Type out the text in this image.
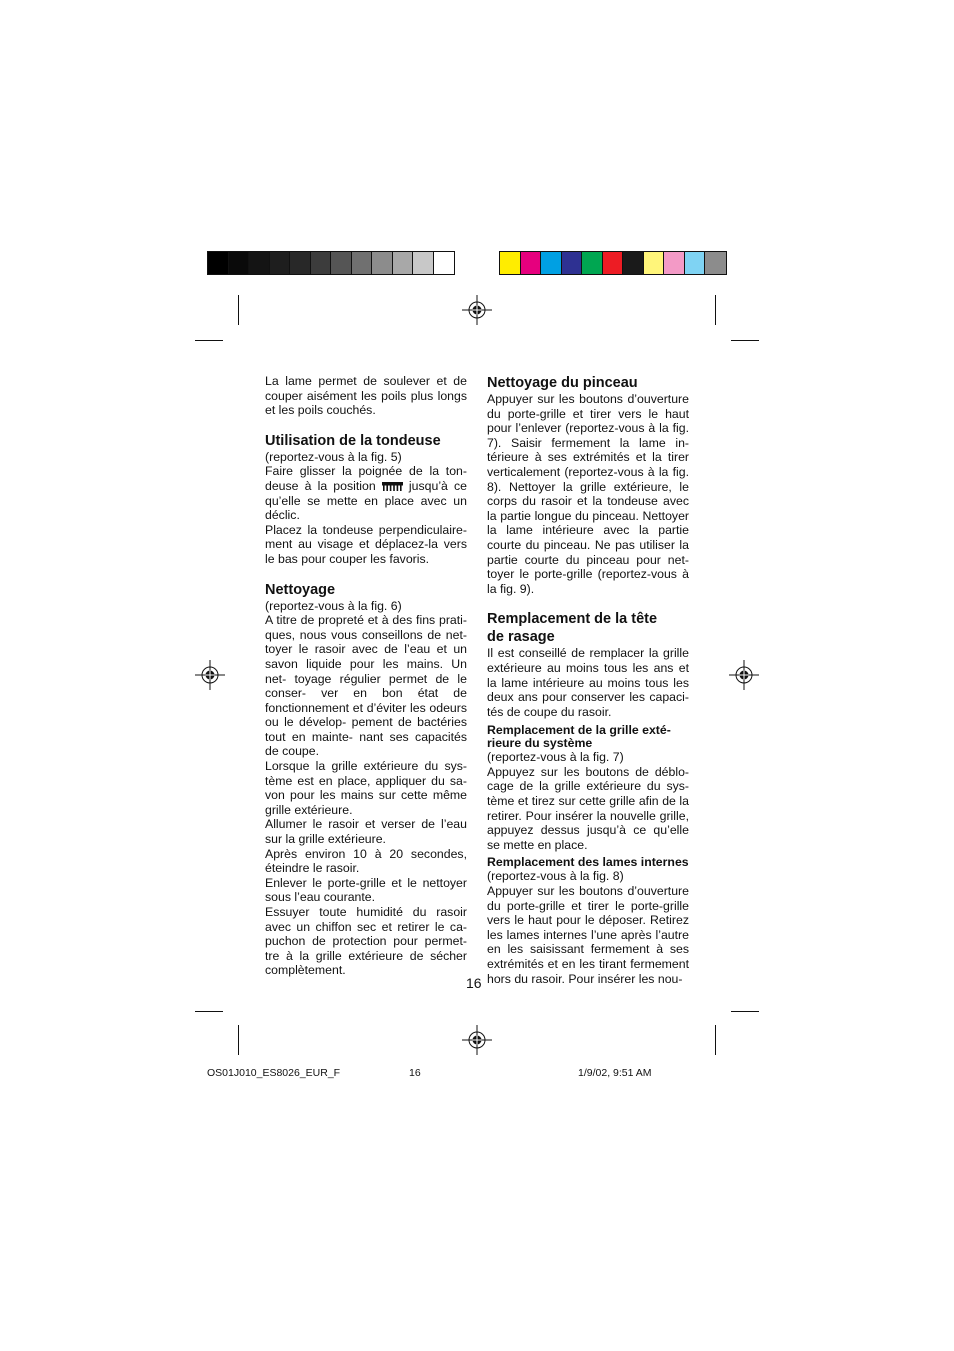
La lame permet de soulever et de couper aisément les poils plus longs et les poils couchés.

Utilisation de la tondeuse

(reportez-vous à la fig. 5)

Faire glisser la poignée de la ton- deuse à la position	jusqu’à ce qu’elle se mette en place avec un déclic.

Placez la tondeuse perpendiculaire- ment au visage et déplacez-la vers le bas pour couper les favoris.

Nettoyage

(reportez-vous à la fig. 6)

A titre de propreté et à des fins prati- ques, nous vous conseillons de net- toyer le rasoir avec de l’eau et un savon liquide pour les mains. Un net- toyage régulier permet de le conser- ver en bon état de fonctionnement et d’éviter les odeurs ou le dévelop- pement de bactéries tout en mainte- nant ses capacités de coupe.

Lorsque la grille extérieure du sys- tème est en place, appliquer du sa- von pour les mains sur cette même grille extérieure.

Allumer le rasoir et verser de l’eau sur la grille extérieure.

Après environ 10 à 20 secondes, éteindre le rasoir.

Enlever le porte-grille et le nettoyer sous l’eau courante.

Essuyer toute humidité du rasoir avec un chiffon sec et retirer le ca- puchon de protection pour permet- tre à la grille extérieure de sécher complètement.

Nettoyage du pinceau

Appuyer sur les boutons d’ouverture du porte-grille et tirer vers le haut pour l’enlever (reportez-vous à la fig. 7). Saisir fermement la lame in- térieure à ses extrémités et la tirer verticalement (reportez-vous à la fig. 8). Nettoyer la grille extérieure, le corps du rasoir et la tondeuse avec la partie longue du pinceau. Nettoyer la lame intérieure avec la partie courte du pinceau. Ne pas utiliser la partie courte du pinceau pour net- toyer le porte-grille (reportez-vous à la fig. 9).

Remplacement de la tête de rasage

Il est conseillé de remplacer la grille extérieure au moins tous les ans et la lame intérieure au moins tous les deux ans pour conserver les capaci- tés de coupe du rasoir.

Remplacement de la grille exté- rieure du système

(reportez-vous à la fig. 7)

Appuyez sur les boutons de déblo- cage de la grille extérieure du sys- tème et tirez sur cette grille afin de la retirer. Pour insérer la nouvelle grille, appuyez dessus jusqu’à ce qu’elle se mette en place.

Remplacement des lames internes

(reportez-vous à la fig. 8)

Appuyer sur les boutons d’ouverture du porte-grille et tirer le porte-grille vers le haut pour le déposer. Retirez les lames internes l’une après l’autre en les saisissant fermement à ses extrémités et en les tirant fermement hors du rasoir. Pour insérer les nou-

16
OS01J010_ES8026_EUR_F	16	1/9/02, 9:51 AM
